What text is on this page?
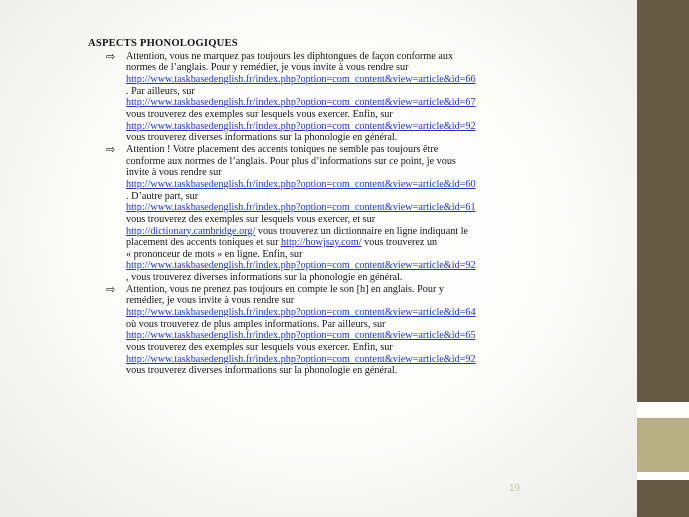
ASPECTS PHONOLOGIQUES
⇨ Attention, vous ne marquez pas toujours les diphtongues de façon conforme aux
normes de l’anglais. Pour y remédier, je vous invite à vous rendre sur
http://www.taskbasedenglish.fr/index.php?option=com_content&view=article&id=66
. Par ailleurs, sur
http://www.taskbasedenglish.fr/index.php?option=com_content&view=article&id=67
vous trouverez des exemples sur lesquels vous exercer. Enfin, sur
http://www.taskbasedenglish.fr/index.php?option=com_content&view=article&id=92
vous trouverez diverses informations sur la phonologie en général.
⇨ Attention ! Votre placement des accents toniques ne semble pas toujours être
conforme aux normes de l’anglais. Pour plus d’informations sur ce point, je vous
invite à vous rendre sur
http://www.taskbasedenglish.fr/index.php?option=com_content&view=article&id=60
. D’autre part, sur
http://www.taskbasedenglish.fr/index.php?option=com_content&view=article&id=61
vous trouverez des exemples sur lesquels vous exercer, et sur
http://dictionary.cambridge.org/ vous trouverez un dictionnaire en ligne indiquant le
placement des accents toniques et sur http://howjsay.com/ vous trouverez un
« prononceur de mots » en ligne. Enfin, sur
http://www.taskbasedenglish.fr/index.php?option=com_content&view=article&id=92
, vous trouverez diverses informations sur la phonologie en général.
⇨ Attention, vous ne prenez pas toujours en compte le son [h] en anglais. Pour y
remédier, je vous invite à vous rendre sur
http://www.taskbasedenglish.fr/index.php?option=com_content&view=article&id=64
où vous trouverez de plus amples informations. Par ailleurs, sur
http://www.taskbasedenglish.fr/index.php?option=com_content&view=article&id=65
vous trouverez des exemples sur lesquels vous exercer. Enfin, sur
http://www.taskbasedenglish.fr/index.php?option=com_content&view=article&id=92
vous trouverez diverses informations sur la phonologie en général.
19
